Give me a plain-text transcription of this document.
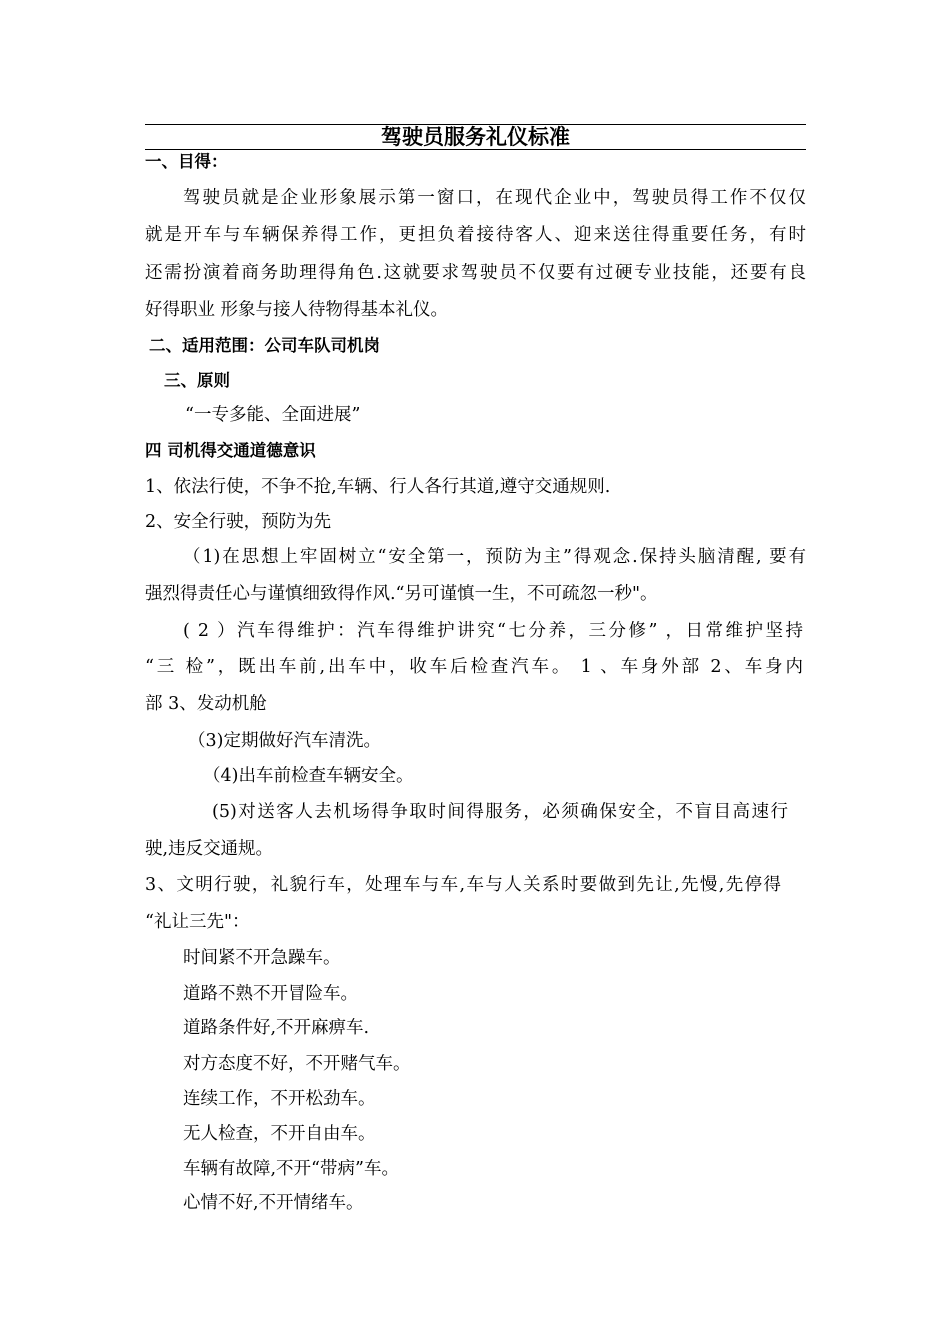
驾驶员服务礼仪标准
一、目得：
驾驶员就是企业形象展示第一窗口，在现代企业中，驾驶员得工作不仅仅
就是开车与车辆保养得工作，更担负着接待客人、迎来送往得重要任务，有时
还需扮演着商务助理得角色.这就要求驾驶员不仅要有过硬专业技能，还要有良
好得职业 形象与接人待物得基本礼仪。
二、适用范围：公司车队司机岗
三、原则
“一专多能、全面进展”
四 司机得交通道德意识
1、依法行使，不争不抢,车辆、行人各行其道,遵守交通规则.
2、安全行驶，预防为先
（1)在思想上牢固树立“安全第一，预防为主”得观念.保持头脑清醒, 要有
强烈得责任心与谨慎细致得作风.“另可谨慎一生，不可疏忽一秒"。
( 2 ）汽车得维护：汽车得维护讲究“七分养，三分修” ，日常维护坚持
“三 检”，既出车前,出车中，收车后检查汽车。 1 、车身外部 2、车身内
部 3、发动机舱
（3)定期做好汽车清洗。
（4)出车前检查车辆安全。
(5)对送客人去机场得争取时间得服务，必须确保安全，不盲目高速行
驶,违反交通规。
3、文明行驶，礼貌行车，处理车与车,车与人关系时要做到先让,先慢,先停得
“礼让三先"：
时间紧不开急躁车。
道路不熟不开冒险车。
道路条件好,不开麻痹车.
对方态度不好，不开赌气车。
连续工作，不开松劲车。
无人检查，不开自由车。
车辆有故障,不开“带病”车。
心情不好,不开情绪车。
